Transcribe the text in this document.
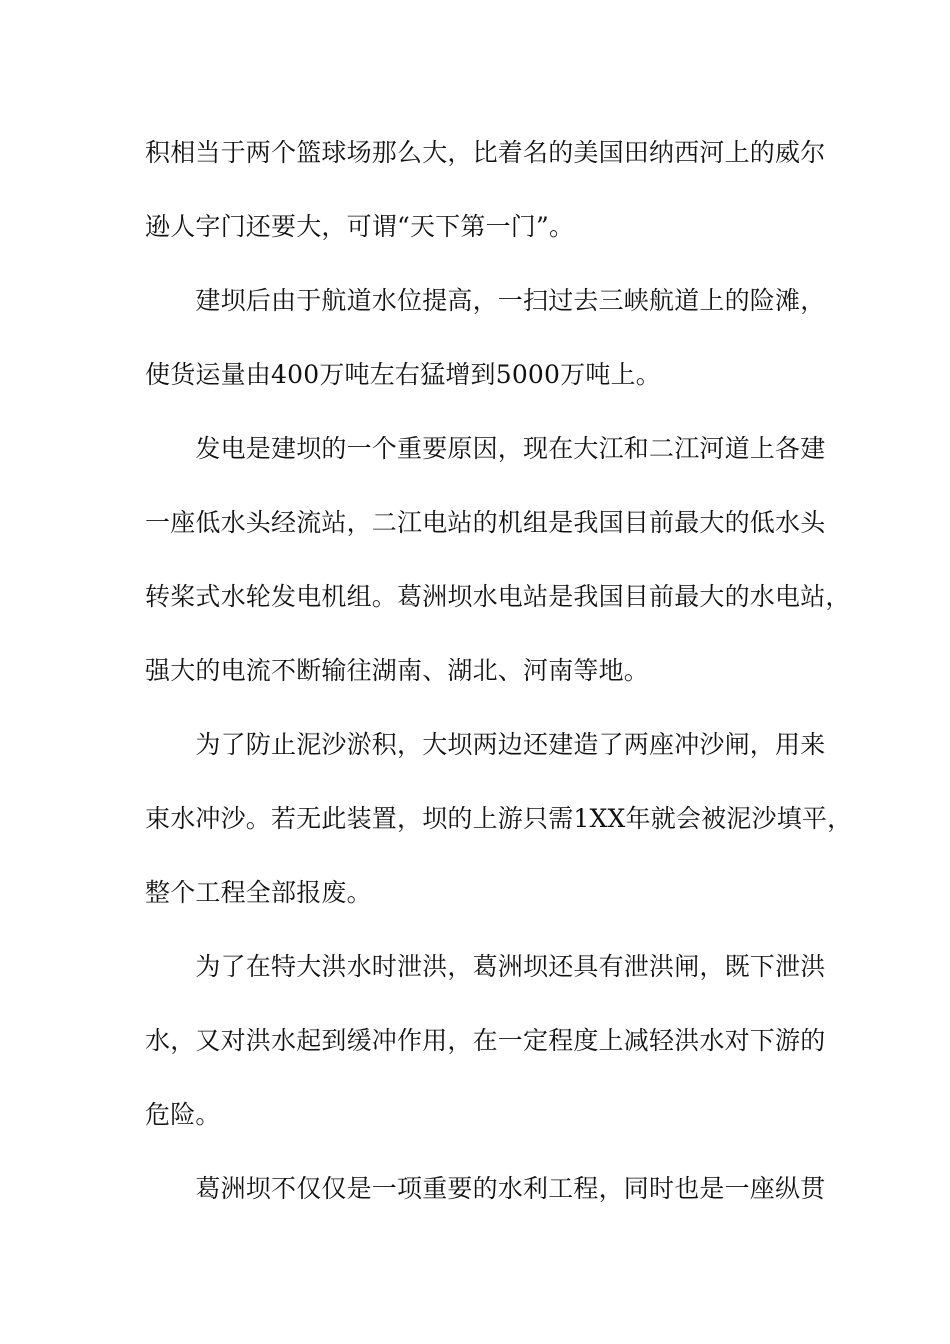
积相当于两个篮球场那么大，比着名的美国田纳西河上的威尔
逊人字门还要大，可谓“天下第一门”。
　　建坝后由于航道水位提高，一扫过去三峡航道上的险滩，
使货运量由400万吨左右猛增到5000万吨上。
　　发电是建坝的一个重要原因，现在大江和二江河道上各建
一座低水头经流站，二江电站的机组是我国目前最大的低水头
转桨式水轮发电机组。葛洲坝水电站是我国目前最大的水电站，
强大的电流不断输往湖南、湖北、河南等地。
　　为了防止泥沙淤积，大坝两边还建造了两座冲沙闸，用来
束水冲沙。若无此装置，坝的上游只需1XX年就会被泥沙填平，
整个工程全部报废。
　　为了在特大洪水时泄洪，葛洲坝还具有泄洪闸，既下泄洪
水，又对洪水起到缓冲作用，在一定程度上减轻洪水对下游的
危险。
　　葛洲坝不仅仅是一项重要的水利工程，同时也是一座纵贯
